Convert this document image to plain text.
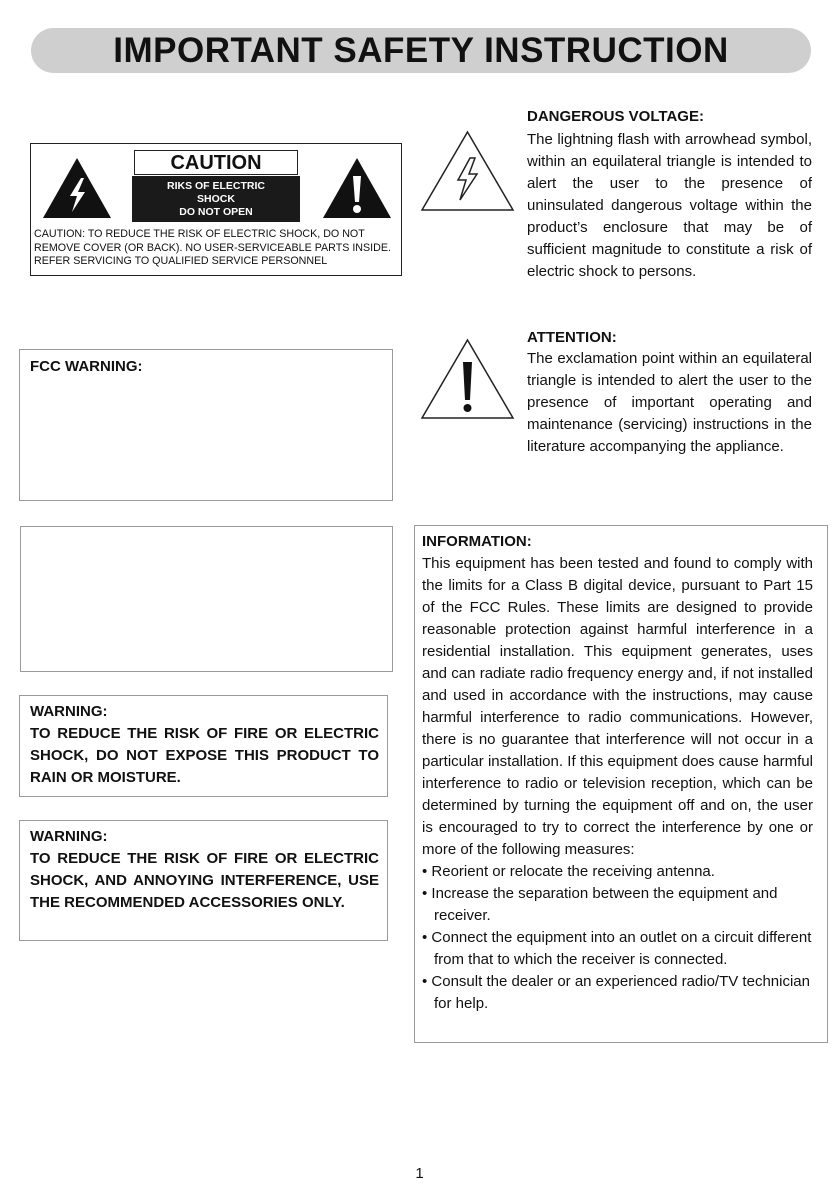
IMPORTANT SAFETY INSTRUCTION
CAUTION
RIKS OF ELECTRIC
SHOCK
DO NOT OPEN
CAUTION: TO REDUCE THE RISK OF ELECTRIC SHOCK, DO NOT REMOVE COVER (OR BACK). NO USER-SERVICEABLE PARTS INSIDE. REFER SERVICING TO QUALIFIED SERVICE PERSONNEL
DANGEROUS VOLTAGE:
The lightning flash with arrowhead symbol, within an equilateral triangle is intended to alert the user to the presence of uninsulated dangerous voltage within the product’s enclosure that may be of sufficient magnitude to constitute a risk of electric shock to persons.
ATTENTION:
The exclamation point within an equilateral triangle is intended to alert the user to the presence of important operating and maintenance (servicing) instructions in the literature accompanying the appliance.
FCC WARNING:
WARNING:
TO REDUCE THE RISK OF FIRE OR ELECTRIC SHOCK, DO NOT EXPOSE THIS PRODUCT TO RAIN OR MOISTURE.
WARNING:
TO REDUCE THE RISK OF FIRE OR ELECTRIC SHOCK, AND ANNOYING INTERFERENCE, USE THE RECOMMENDED ACCESSORIES ONLY.
INFORMATION:
This equipment has been tested and found to comply with the limits for a Class B digital device, pursuant to Part 15 of the FCC Rules. These limits are designed to provide reasonable protection against harmful interference in a residential installation. This equipment generates, uses and can radiate radio frequency energy and, if not installed and used in accordance with the instructions, may cause harmful interference to radio communications. However, there is no guarantee that interference will not occur in a particular installation. If this equipment does cause harmful interference to radio or television reception, which can be determined by turning the equipment off and on, the user is encouraged to try to correct the interference by one or more of the following measures:
• Reorient or relocate the receiving antenna.
• Increase the separation between the equipment and receiver.
• Connect the equipment into an outlet on a circuit different from that to which the receiver is connected.
• Consult the dealer or an experienced radio/TV technician for help.
1
